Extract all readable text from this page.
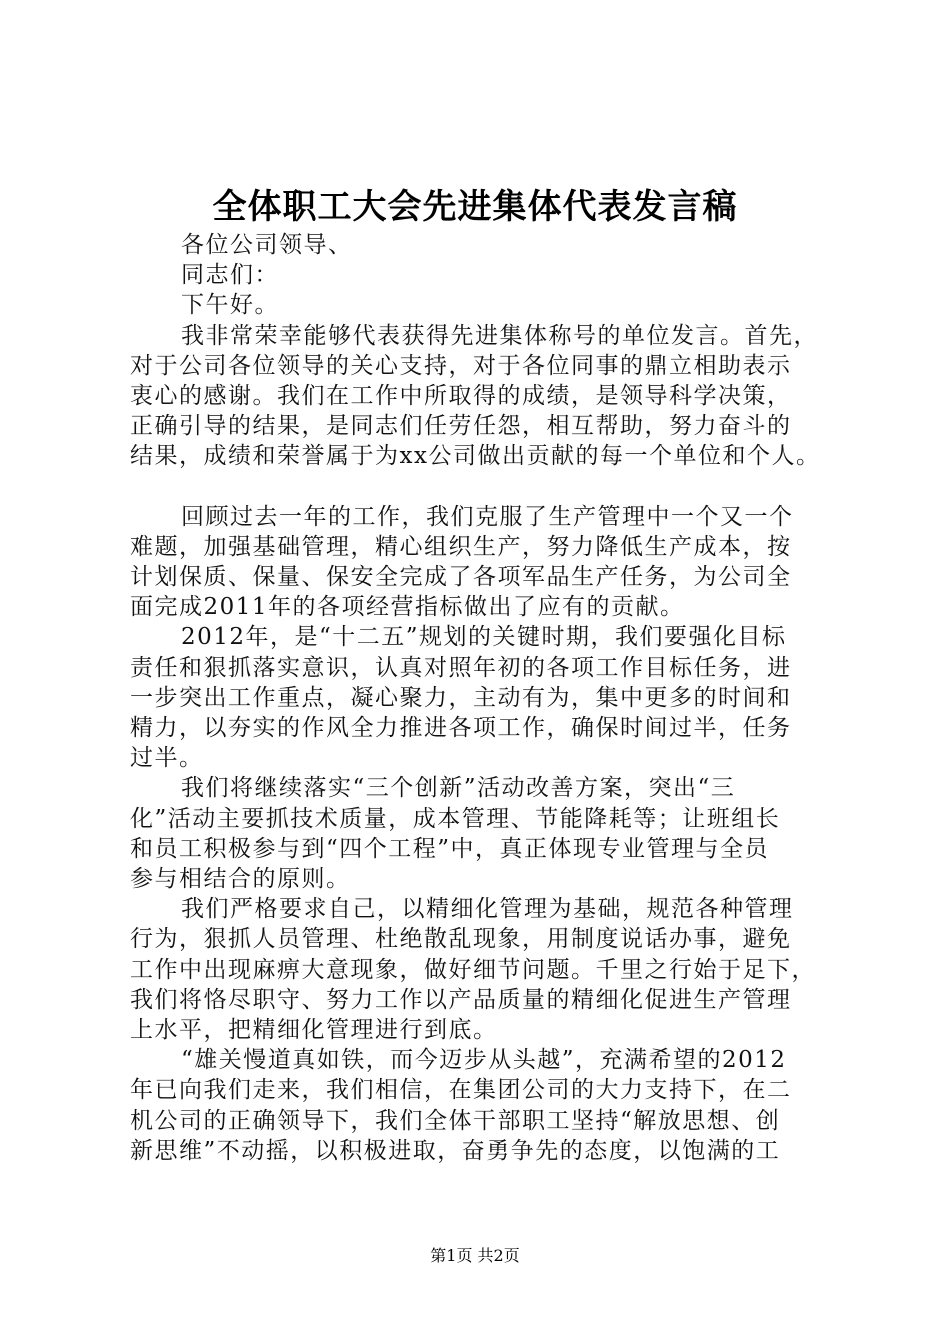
全体职工大会先进集体代表发言稿
各位公司领导、
同志们：
下午好。
我非常荣幸能够代表获得先进集体称号的单位发言。首先，
对于公司各位领导的关心支持，对于各位同事的鼎立相助表示
衷心的感谢。我们在工作中所取得的成绩，是领导科学决策，
正确引导的结果，是同志们任劳任怨，相互帮助，努力奋斗的
结果，成绩和荣誉属于为xx公司做出贡献的每一个单位和个人。
回顾过去一年的工作，我们克服了生产管理中一个又一个
难题，加强基础管理，精心组织生产，努力降低生产成本，按
计划保质、保量、保安全完成了各项军品生产任务，为公司全
面完成2011年的各项经营指标做出了应有的贡献。
2012年，是“十二五”规划的关键时期，我们要强化目标
责任和狠抓落实意识，认真对照年初的各项工作目标任务，进
一步突出工作重点，凝心聚力，主动有为，集中更多的时间和
精力，以夯实的作风全力推进各项工作，确保时间过半，任务
过半。
我们将继续落实“三个创新”活动改善方案，突出“三
化”活动主要抓技术质量，成本管理、节能降耗等；让班组长
和员工积极参与到“四个工程”中，真正体现专业管理与全员
参与相结合的原则。
我们严格要求自己，以精细化管理为基础，规范各种管理
行为，狠抓人员管理、杜绝散乱现象，用制度说话办事，避免
工作中出现麻痹大意现象，做好细节问题。千里之行始于足下，
我们将恪尽职守、努力工作以产品质量的精细化促进生产管理
上水平，把精细化管理进行到底。
“雄关慢道真如铁，而今迈步从头越”，充满希望的2012
年已向我们走来，我们相信，在集团公司的大力支持下，在二
机公司的正确领导下，我们全体干部职工坚持“解放思想、创
新思维”不动摇，以积极进取，奋勇争先的态度，以饱满的工
第1页 共2页
